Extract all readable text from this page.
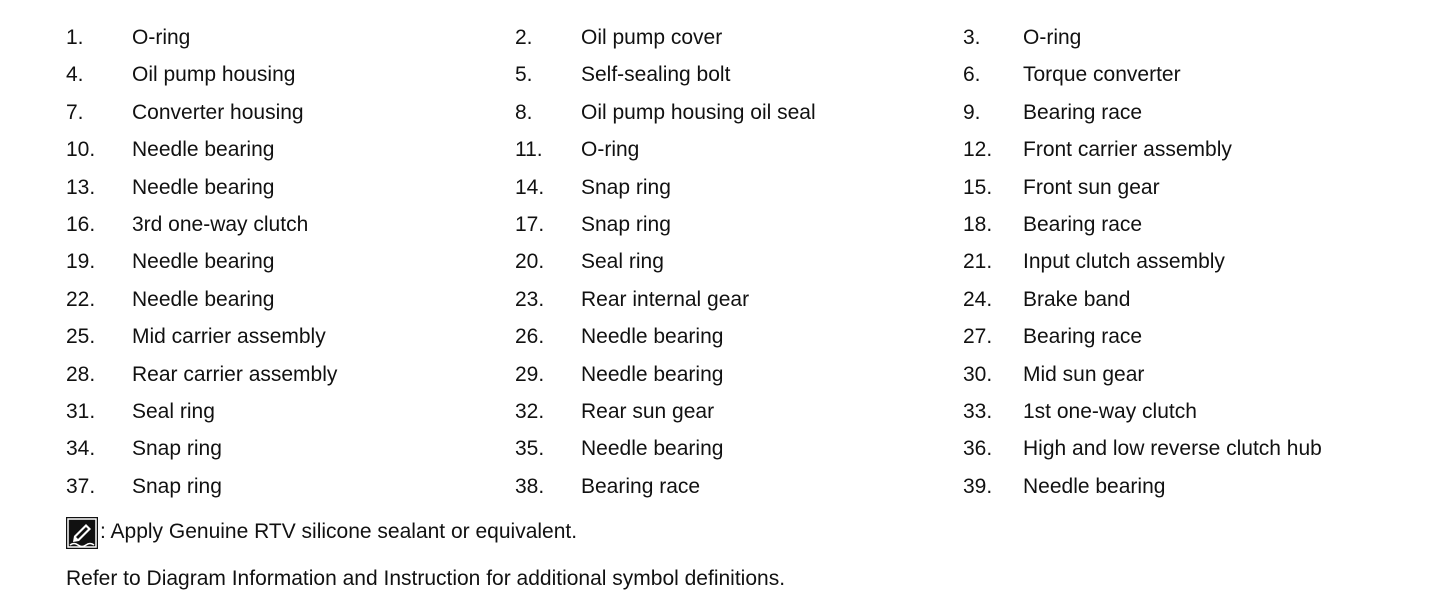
1. O-ring	2. Oil pump cover	3. O-ring
4. Oil pump housing	5. Self-sealing bolt	6. Torque converter
7. Converter housing	8. Oil pump housing oil seal	9. Bearing race
10. Needle bearing	11. O-ring	12. Front carrier assembly
13. Needle bearing	14. Snap ring	15. Front sun gear
16. 3rd one-way clutch	17. Snap ring	18. Bearing race
19. Needle bearing	20. Seal ring	21. Input clutch assembly
22. Needle bearing	23. Rear internal gear	24. Brake band
25. Mid carrier assembly	26. Needle bearing	27. Bearing race
28. Rear carrier assembly	29. Needle bearing	30. Mid sun gear
31. Seal ring	32. Rear sun gear	33. 1st one-way clutch
34. Snap ring	35. Needle bearing	36. High and low reverse clutch hub
37. Snap ring	38. Bearing race	39. Needle bearing
: Apply Genuine RTV silicone sealant or equivalent.
Refer to Diagram Information and Instruction for additional symbol definitions.
